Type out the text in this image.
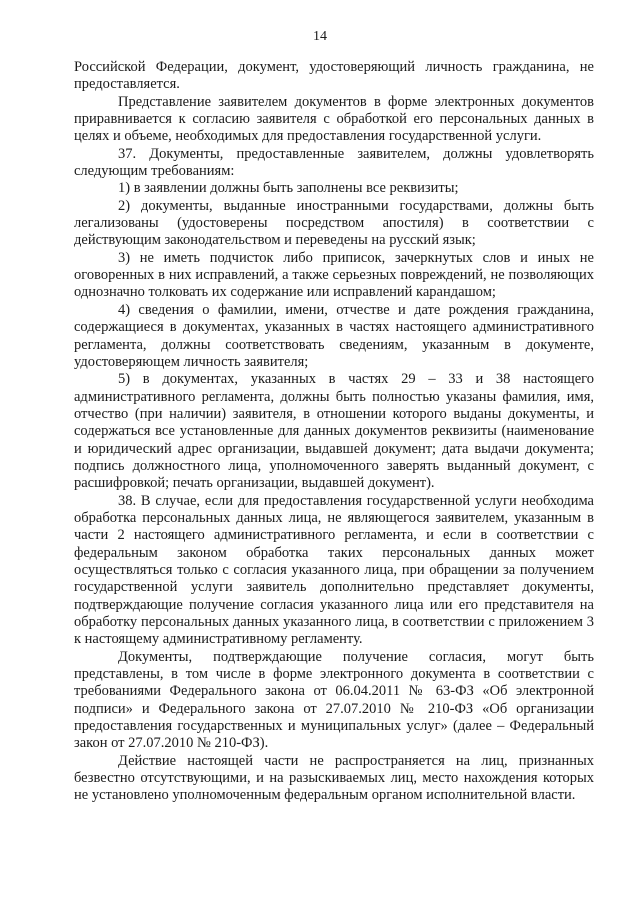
14

Российской Федерации, документ, удостоверяющий личность гражданина, не предоставляется.

Представление заявителем документов в форме электронных документов приравнивается к согласию заявителя с обработкой его персональных данных в целях и объеме, необходимых для предоставления государственной услуги.

37. Документы, предоставленные заявителем, должны удовлетворять следующим требованиям:

1) в заявлении должны быть заполнены все реквизиты;

2) документы, выданные иностранными государствами, должны быть легализованы (удостоверены посредством апостиля) в соответствии с действующим законодательством и переведены на русский язык;

3) не иметь подчисток либо приписок, зачеркнутых слов и иных не оговоренных в них исправлений, а также серьезных повреждений, не позволяющих однозначно толковать их содержание или исправлений карандашом;

4) сведения о фамилии, имени, отчестве и дате рождения гражданина, содержащиеся в документах, указанных в частях настоящего административного регламента, должны соответствовать сведениям, указанным в документе, удостоверяющем личность заявителя;

5) в документах, указанных в частях 29 – 33 и 38 настоящего административного регламента, должны быть полностью указаны фамилия, имя, отчество (при наличии) заявителя, в отношении которого выданы документы, и содержаться все установленные для данных документов реквизиты (наименование и юридический адрес организации, выдавшей документ; дата выдачи документа; подпись должностного лица, уполномоченного заверять выданный документ, с расшифровкой; печать организации, выдавшей документ).

38. В случае, если для предоставления государственной услуги необходима обработка персональных данных лица, не являющегося заявителем, указанным в части 2 настоящего административного регламента, и если в соответствии с федеральным законом обработка таких персональных данных может осуществляться только с согласия указанного лица, при обращении за получением государственной услуги заявитель дополнительно представляет документы, подтверждающие получение согласия указанного лица или его представителя на обработку персональных данных указанного лица, в соответствии с приложением 3 к настоящему административному регламенту.

Документы, подтверждающие получение согласия, могут быть представлены, в том числе в форме электронного документа в соответствии с требованиями Федерального закона от 06.04.2011 № 63-ФЗ «Об электронной подписи» и Федерального закона от 27.07.2010 № 210-ФЗ «Об организации предоставления государственных и муниципальных услуг» (далее – Федеральный закон от 27.07.2010 № 210-ФЗ).

Действие настоящей части не распространяется на лиц, признанных безвестно отсутствующими, и на разыскиваемых лиц, место нахождения которых не установлено уполномоченным федеральным органом исполнительной власти.
